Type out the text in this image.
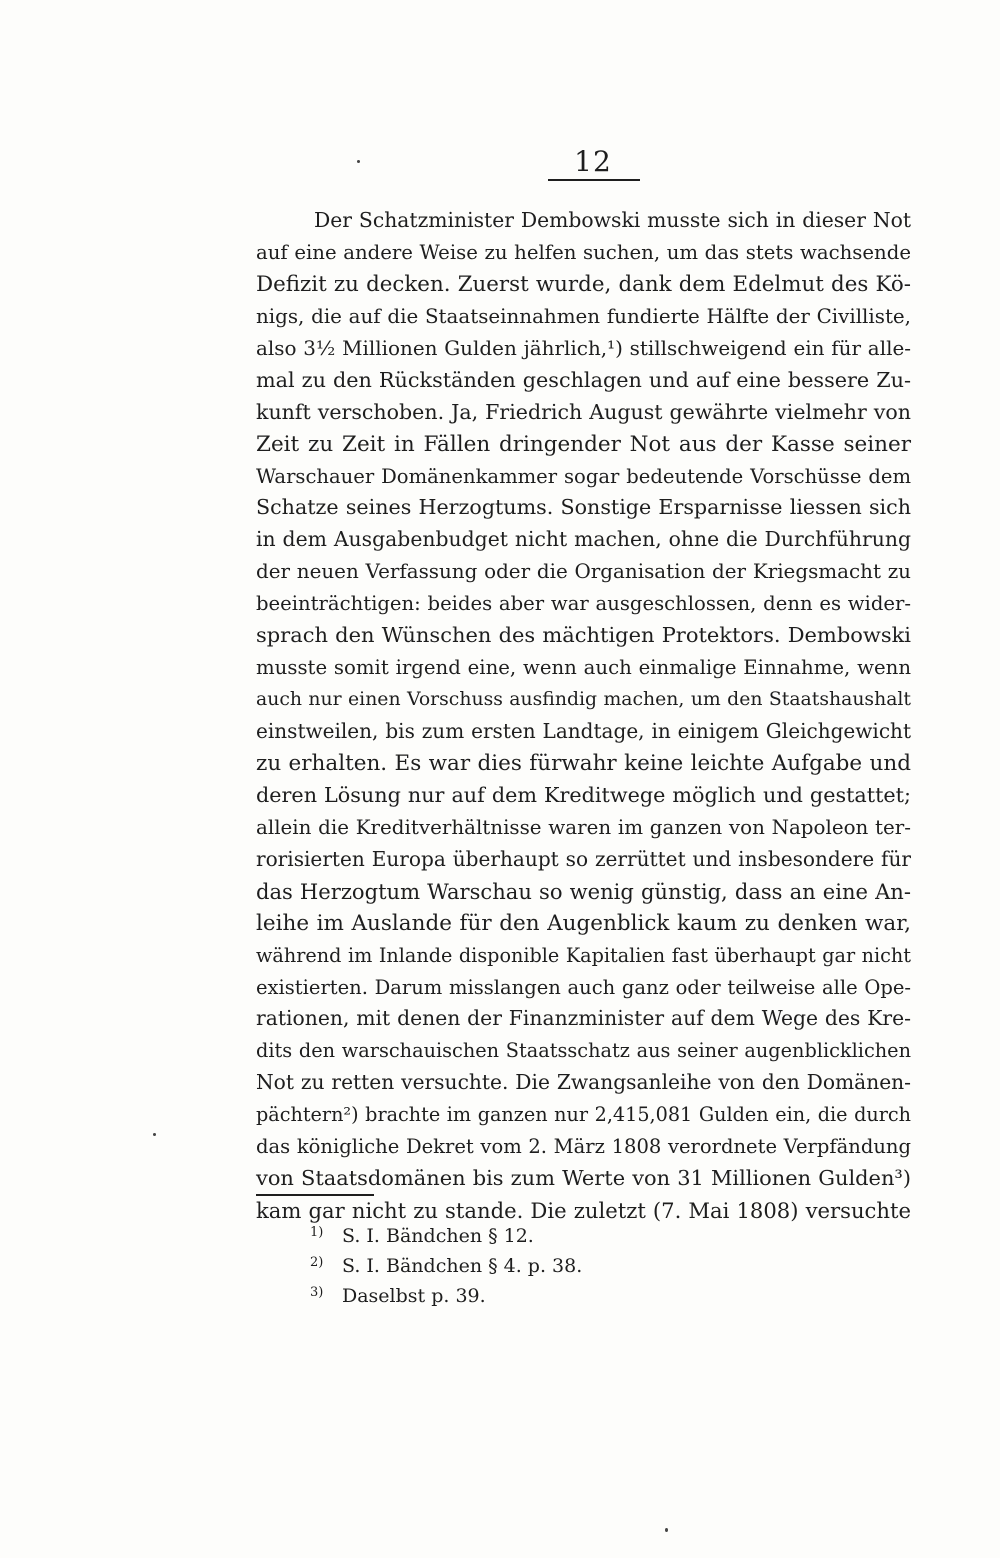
12
Der Schatzminister Dembowski musste sich in dieser Not
auf eine andere Weise zu helfen suchen, um das stets wachsende
Defizit zu decken. Zuerst wurde, dank dem Edelmut des Kö-
nigs, die auf die Staatseinnahmen fundierte Hälfte der Civilliste,
also 3½ Millionen Gulden jährlich,¹) stillschweigend ein für alle-
mal zu den Rückständen geschlagen und auf eine bessere Zu-
kunft verschoben. Ja, Friedrich August gewährte vielmehr von
Zeit zu Zeit in Fällen dringender Not aus der Kasse seiner
Warschauer Domänenkammer sogar bedeutende Vorschüsse dem
Schatze seines Herzogtums. Sonstige Ersparnisse liessen sich
in dem Ausgabenbudget nicht machen, ohne die Durchführung
der neuen Verfassung oder die Organisation der Kriegsmacht zu
beeinträchtigen: beides aber war ausgeschlossen, denn es wider-
sprach den Wünschen des mächtigen Protektors. Dembowski
musste somit irgend eine, wenn auch einmalige Einnahme, wenn
auch nur einen Vorschuss ausfindig machen, um den Staatshaushalt
einstweilen, bis zum ersten Landtage, in einigem Gleichgewicht
zu erhalten. Es war dies fürwahr keine leichte Aufgabe und
deren Lösung nur auf dem Kreditwege möglich und gestattet;
allein die Kreditverhältnisse waren im ganzen von Napoleon ter-
rorisierten Europa überhaupt so zerrüttet und insbesondere für
das Herzogtum Warschau so wenig günstig, dass an eine An-
leihe im Auslande für den Augenblick kaum zu denken war,
während im Inlande disponible Kapitalien fast überhaupt gar nicht
existierten. Darum misslangen auch ganz oder teilweise alle Ope-
rationen, mit denen der Finanzminister auf dem Wege des Kre-
dits den warschauischen Staatsschatz aus seiner augenblicklichen
Not zu retten versuchte. Die Zwangsanleihe von den Domänen-
pächtern²) brachte im ganzen nur 2,415,081 Gulden ein, die durch
das königliche Dekret vom 2. März 1808 verordnete Verpfändung
von Staatsdomänen bis zum Werte von 31 Millionen Gulden³)
kam gar nicht zu stande. Die zuletzt (7. Mai 1808) versuchte
1) S. I. Bändchen § 12.
2) S. I. Bändchen § 4. p. 38.
3) Daselbst p. 39.
